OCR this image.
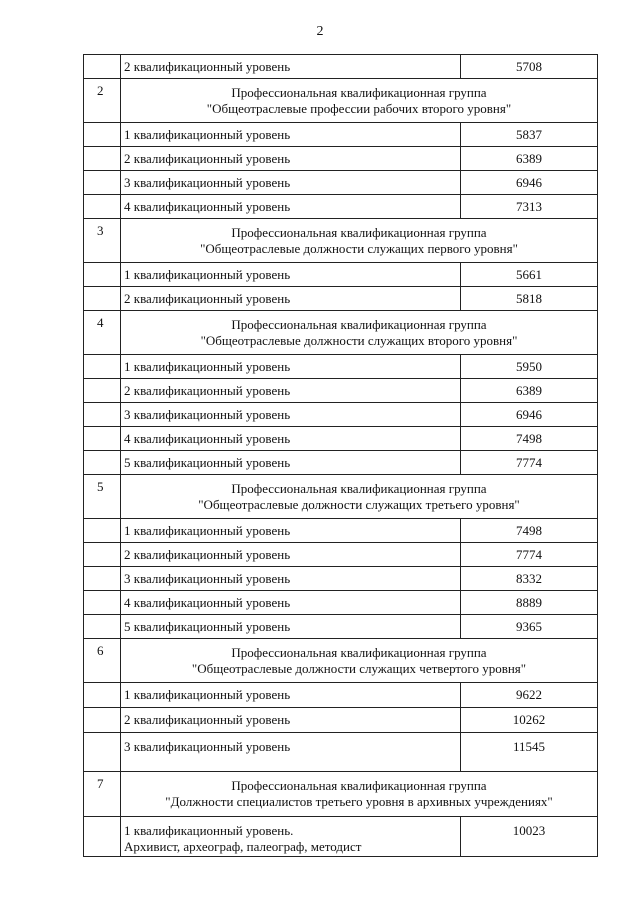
2
	2 квалификационный уровень	5708
2	Профессиональная квалификационная группа
"Общеотраслевые профессии рабочих второго уровня"	

	1 квалификационный уровень	5837
	2 квалификационный уровень	6389
	3 квалификационный уровень	6946
	4 квалификационный уровень	7313
3	Профессиональная квалификационная группа
"Общеотраслевые должности служащих первого уровня"	

	1 квалификационный уровень	5661
	2 квалификационный уровень	5818
4	Профессиональная квалификационная группа
"Общеотраслевые должности служащих второго уровня"	

	1 квалификационный уровень	5950
	2 квалификационный уровень	6389
	3 квалификационный уровень	6946
	4 квалификационный уровень	7498
	5 квалификационный уровень	7774
5	Профессиональная квалификационная группа
"Общеотраслевые должности служащих третьего уровня"	

	1 квалификационный уровень	7498
	2 квалификационный уровень	7774
	3 квалификационный уровень	8332
	4 квалификационный уровень	8889
	5 квалификационный уровень	9365
6	Профессиональная квалификационная группа
"Общеотраслевые должности служащих четвертого уровня"	

	1 квалификационный уровень	9622
	2 квалификационный уровень	10262
	3 квалификационный уровень	11545
7	Профессиональная квалификационная группа
"Должности специалистов третьего уровня в архивных учреждениях"	

	1 квалификационный уровень.
Архивист, археограф, палеограф, методист	10023
